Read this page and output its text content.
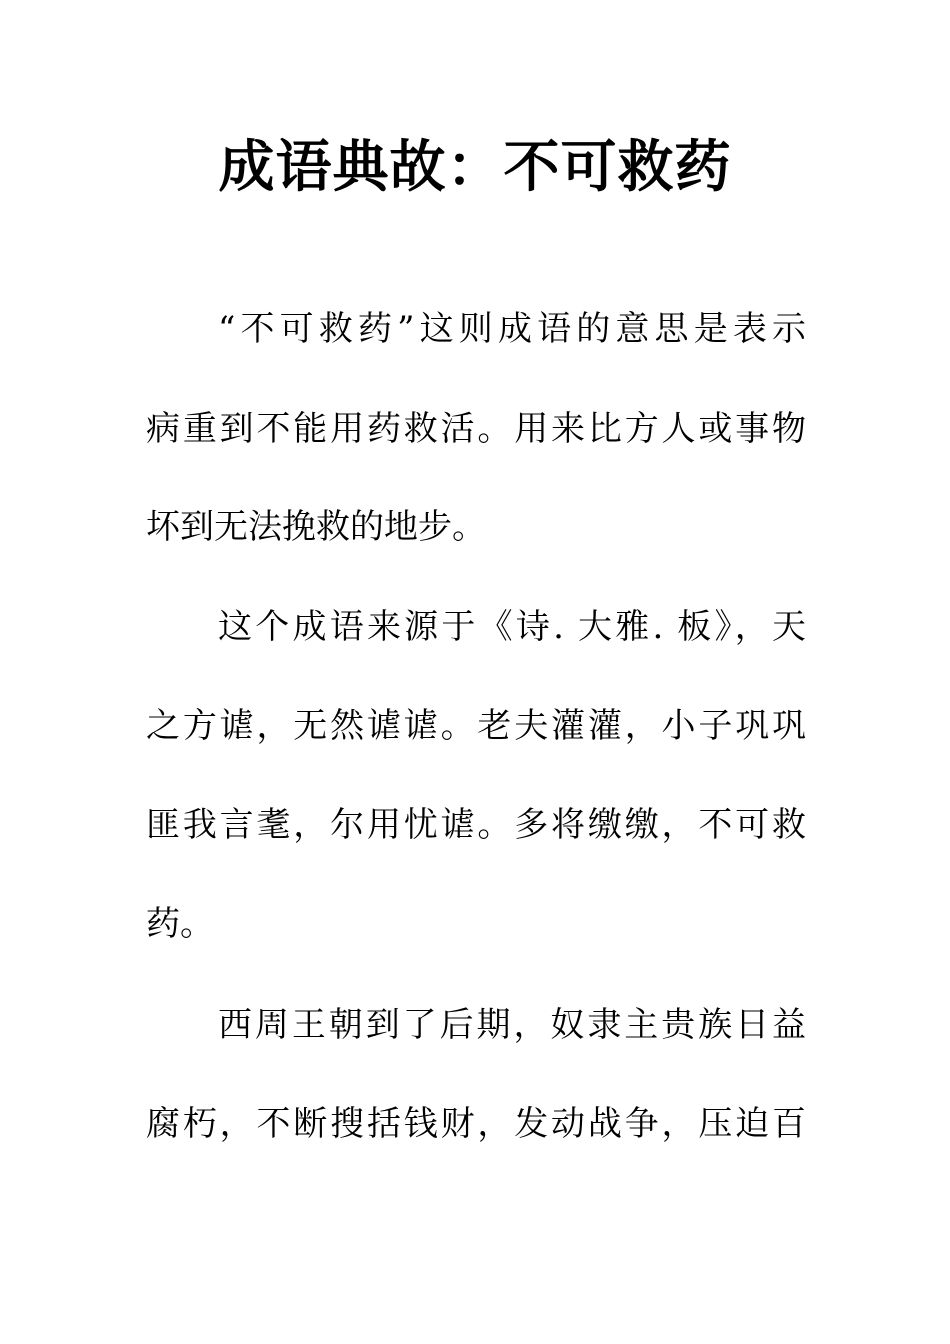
成语典故：不可救药
“不可救药”这则成语的意思是表示
病重到不能用药救活。用来比方人或事物
坏到无法挽救的地步。
这个成语来源于《诗. 大雅. 板》，天
之方谑，无然谑谑。老夫灌灌，小子巩巩
匪我言耄，尔用忧谑。多将缴缴，不可救
药。
西周王朝到了后期，奴隶主贵族日益
腐朽，不断搜括钱财，发动战争，压迫百
